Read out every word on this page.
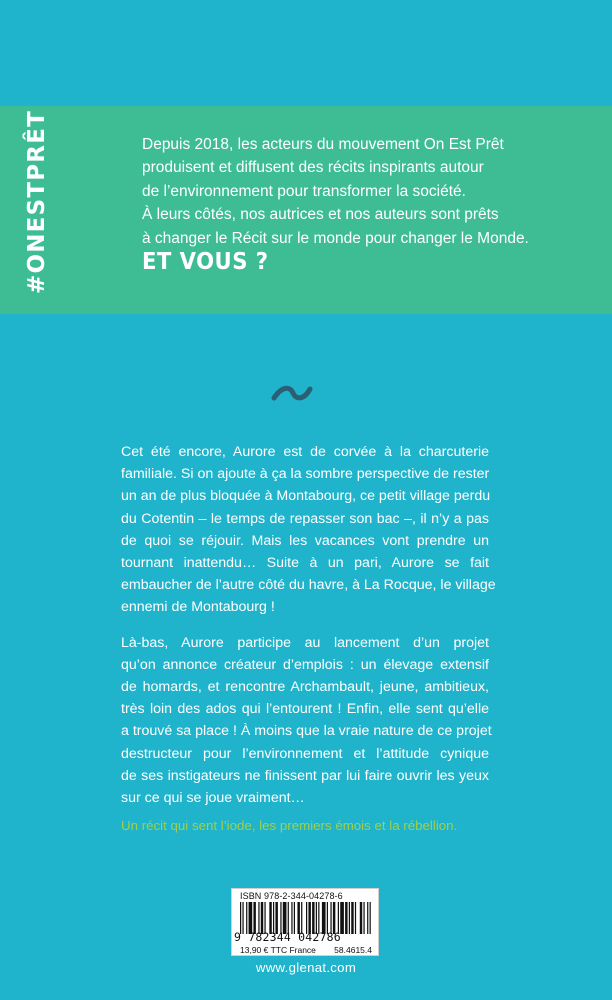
#ONESTPRÊT	Depuis 2018, les acteurs du mouvement On Est Prêt

produisent et diffusent des récits inspirants autour

de l’environnement pour transformer la société.

À leurs côtés, nos autrices et nos auteurs sont prêts

à changer le Récit sur le monde pour changer le Monde.

ET VOUS ?
Cet été encore, Aurore est de corvée à la charcuterie
familiale. Si on ajoute à ça la sombre perspective de rester
un an de plus bloquée à Montabourg, ce petit village perdu
du Cotentin – le temps de repasser son bac –, il n’y a pas
de quoi se réjouir. Mais les vacances vont prendre un
tournant inattendu… Suite à un pari, Aurore se fait
embaucher de l’autre côté du havre, à La Rocque, le village
ennemi de Montabourg !
Là-bas, Aurore participe au lancement d’un projet
qu’on annonce créateur d’emplois : un élevage extensif
de homards, et rencontre Archambault, jeune, ambitieux,
très loin des ados qui l’entourent ! Enfin, elle sent qu’elle
a trouvé sa place ! À moins que la vraie nature de ce projet
destructeur pour l’environnement et l’attitude cynique
de ses instigateurs ne finissent par lui faire ouvrir les yeux
sur ce qui se joue vraiment…
Un récit qui sent l’iode, les premiers émois et la rébellion.
ISBN 978-2-344-04278-6
9 782344 042786
13,90 € TTC France 58.4615.4
www.glenat.com
